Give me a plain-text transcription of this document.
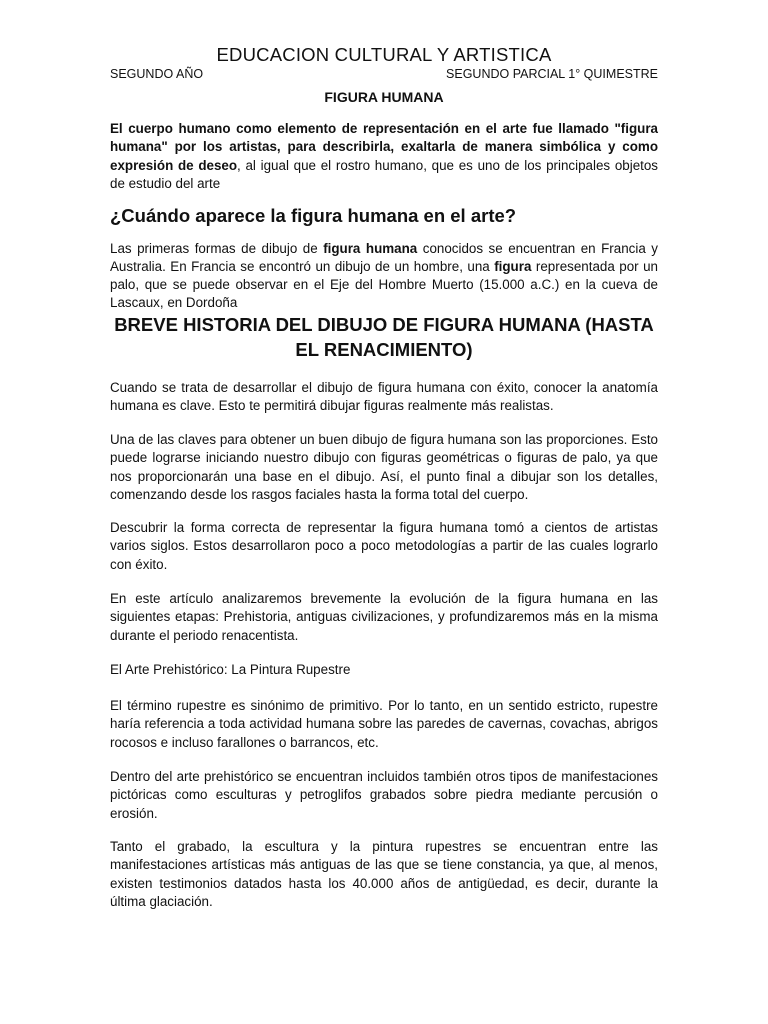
EDUCACION CULTURAL Y ARTISTICA
SEGUNDO AÑO	SEGUNDO PARCIAL 1° QUIMESTRE
FIGURA HUMANA
El cuerpo humano como elemento de representación en el arte fue llamado "figura humana" por los artistas, para describirla, exaltarla de manera simbólica y como expresión de deseo, al igual que el rostro humano, que es uno de los principales objetos de estudio del arte
¿Cuándo aparece la figura humana en el arte?
Las primeras formas de dibujo de figura humana conocidos se encuentran en Francia y Australia. En Francia se encontró un dibujo de un hombre, una figura representada por un palo, que se puede observar en el Eje del Hombre Muerto (15.000 a.C.) en la cueva de Lascaux, en Dordoña
BREVE HISTORIA DEL DIBUJO DE FIGURA HUMANA (HASTA EL RENACIMIENTO)
Cuando se trata de desarrollar el dibujo de figura humana con éxito, conocer la anatomía humana es clave. Esto te permitirá dibujar figuras realmente más realistas.
Una de las claves para obtener un buen dibujo de figura humana son las proporciones. Esto puede lograrse iniciando nuestro dibujo con figuras geométricas o figuras de palo, ya que nos proporcionarán una base en el dibujo. Así, el punto final a dibujar son los detalles, comenzando desde los rasgos faciales hasta la forma total del cuerpo.
Descubrir la forma correcta de representar la figura humana tomó a cientos de artistas varios siglos. Estos desarrollaron poco a poco metodologías a partir de las cuales lograrlo con éxito.
En este artículo analizaremos brevemente la evolución de la figura humana en las siguientes etapas: Prehistoria, antiguas civilizaciones, y profundizaremos más en la misma durante el periodo renacentista.
El Arte Prehistórico: La Pintura Rupestre
El término rupestre es sinónimo de primitivo. Por lo tanto, en un sentido estricto, rupestre haría referencia a toda actividad humana sobre las paredes de cavernas, covachas, abrigos rocosos e incluso farallones o barrancos, etc.
Dentro del arte prehistórico se encuentran incluidos también otros tipos de manifestaciones pictóricas como esculturas y petroglifos grabados sobre piedra mediante percusión o erosión.
Tanto el grabado, la escultura y la pintura rupestres se encuentran entre las manifestaciones artísticas más antiguas de las que se tiene constancia, ya que, al menos, existen testimonios datados hasta los 40.000 años de antigüedad, es decir, durante la última glaciación.
